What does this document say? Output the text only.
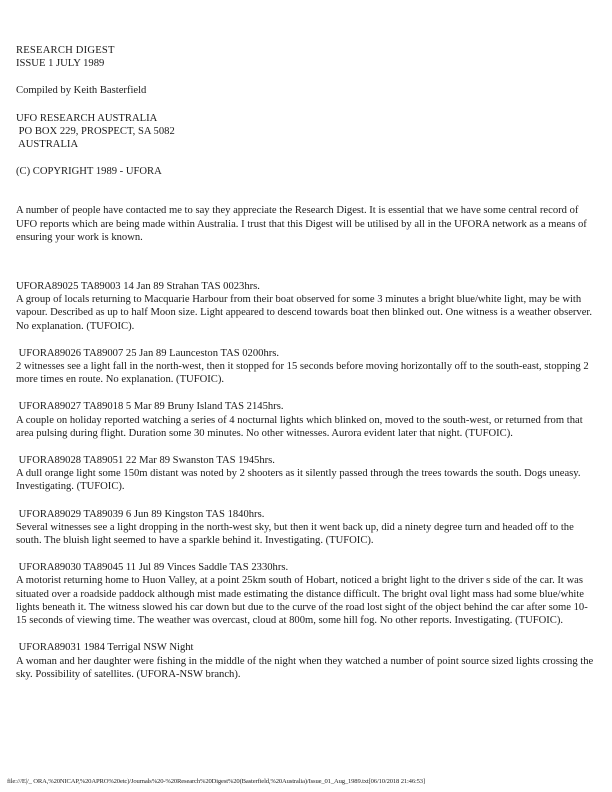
RESEARCH DIGEST

ISSUE 1 JULY 1989

Compiled by Keith Basterfield

UFO RESEARCH AUSTRALIA

PO BOX 229, PROSPECT, SA 5082

AUSTRALIA

(C) COPYRIGHT 1989 - UFORA

A number of people have contacted me to say they appreciate the Research Digest. It is essential that we have some central record of UFO reports which are being made within Australia. I trust that this Digest will be utilised by all in the UFORA network as a means of ensuring your work is known.

UFORA89025 TA89003 14 Jan 89 Strahan TAS 0023hrs.

A group of locals returning to Macquarie Harbour from their boat observed for some 3 minutes a bright blue/white light, may be with vapour. Described as up to half Moon size. Light appeared to descend towards boat then blinked out. One witness is a weather observer. No explanation. (TUFOIC).

UFORA89026 TA89007 25 Jan 89 Launceston TAS 0200hrs.

2 witnesses see a light fall in the north-west, then it stopped for 15 seconds before moving horizontally off to the south-east, stopping 2 more times en route. No explanation. (TUFOIC).

UFORA89027 TA89018 5 Mar 89 Bruny Island TAS 2145hrs.

A couple on holiday reported watching a series of 4 nocturnal lights which blinked on, moved to the south-west, or returned from that area pulsing during flight. Duration some 30 minutes. No other witnesses. Aurora evident later that night. (TUFOIC).

UFORA89028 TA89051 22 Mar 89 Swanston TAS 1945hrs.

A dull orange light some 150m distant was noted by 2 shooters as it silently passed through the trees towards the south. Dogs uneasy. Investigating. (TUFOIC).

UFORA89029 TA89039 6 Jun 89 Kingston TAS 1840hrs.

Several witnesses see a light dropping in the north-west sky, but then it went back up, did a ninety degree turn and headed off to the south. The bluish light seemed to have a sparkle behind it. Investigating. (TUFOIC).

UFORA89030 TA89045 11 Jul 89 Vinces Saddle TAS 2330hrs.

A motorist returning home to Huon Valley, at a point 25km south of Hobart, noticed a bright light to the driver s side of the car. It was situated over a roadside paddock although mist made estimating the distance difficult. The bright oval light mass had some blue/white lights beneath it. The witness slowed his car down but due to the curve of the road lost sight of the object behind the car after some 10-15 seconds of viewing time. The weather was overcast, cloud at 800m, some hill fog. No other reports. Investigating. (TUFOIC).

UFORA89031 1984 Terrigal NSW Night

A woman and her daughter were fishing in the middle of the night when they watched a number of point source sized lights crossing the sky. Possibility of satellites. (UFORA-NSW branch).

file:///E|/_ ORA,%20NICAP,%20APRO%20etc)/Journals%20-%20Research%20Digest%20(Basterfield,%20Australia)/Issue_01_Aug_1989.txt[06/10/2018 21:46:53]
